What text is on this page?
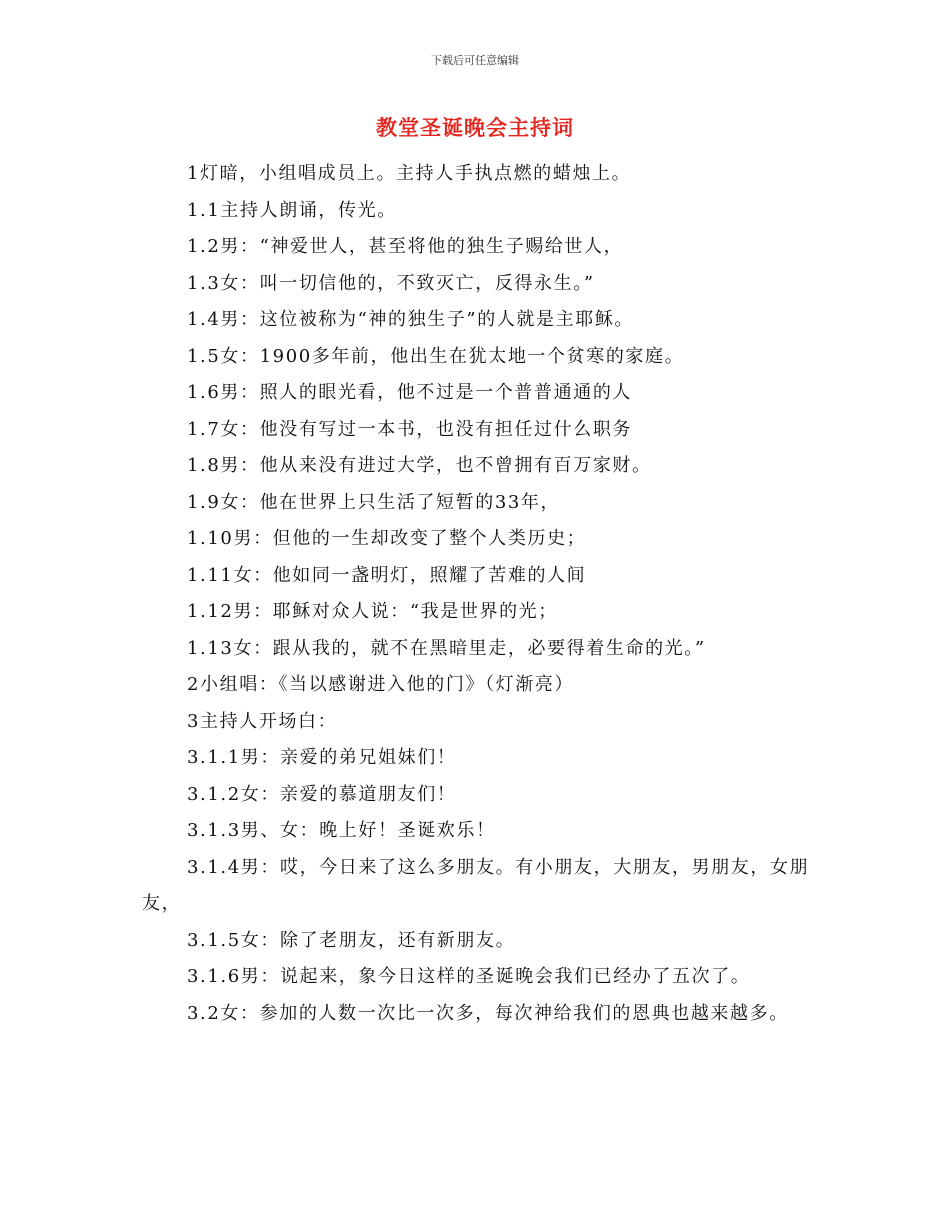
下载后可任意编辑
教堂圣诞晚会主持词

1灯暗，小组唱成员上。主持人手执点燃的蜡烛上。

1.1主持人朗诵，传光。

1.2男：“神爱世人，甚至将他的独生子赐给世人，

1.3女：叫一切信他的，不致灭亡，反得永生。”

1.4男：这位被称为“神的独生子”的人就是主耶稣。

1.5女：1900多年前，他出生在犹太地一个贫寒的家庭。

1.6男：照人的眼光看，他不过是一个普普通通的人

1.7女：他没有写过一本书，也没有担任过什么职务

1.8男：他从来没有进过大学，也不曾拥有百万家财。

1.9女：他在世界上只生活了短暂的33年，

1.10男：但他的一生却改变了整个人类历史；

1.11女：他如同一盏明灯，照耀了苦难的人间

1.12男：耶稣对众人说：“我是世界的光；

1.13女：跟从我的，就不在黑暗里走，必要得着生命的光。”

2小组唱：《当以感谢进入他的门》（灯渐亮）

3主持人开场白：

3.1.1男：亲爱的弟兄姐妹们！

3.1.2女：亲爱的慕道朋友们！

3.1.3男、女：晚上好！圣诞欢乐！

3.1.4男：哎，今日来了这么多朋友。有小朋友，大朋友，男朋友，女朋友，

3.1.5女：除了老朋友，还有新朋友。

3.1.6男：说起来，象今日这样的圣诞晚会我们已经办了五次了。

3.2女：参加的人数一次比一次多，每次神给我们的恩典也越来越多。
